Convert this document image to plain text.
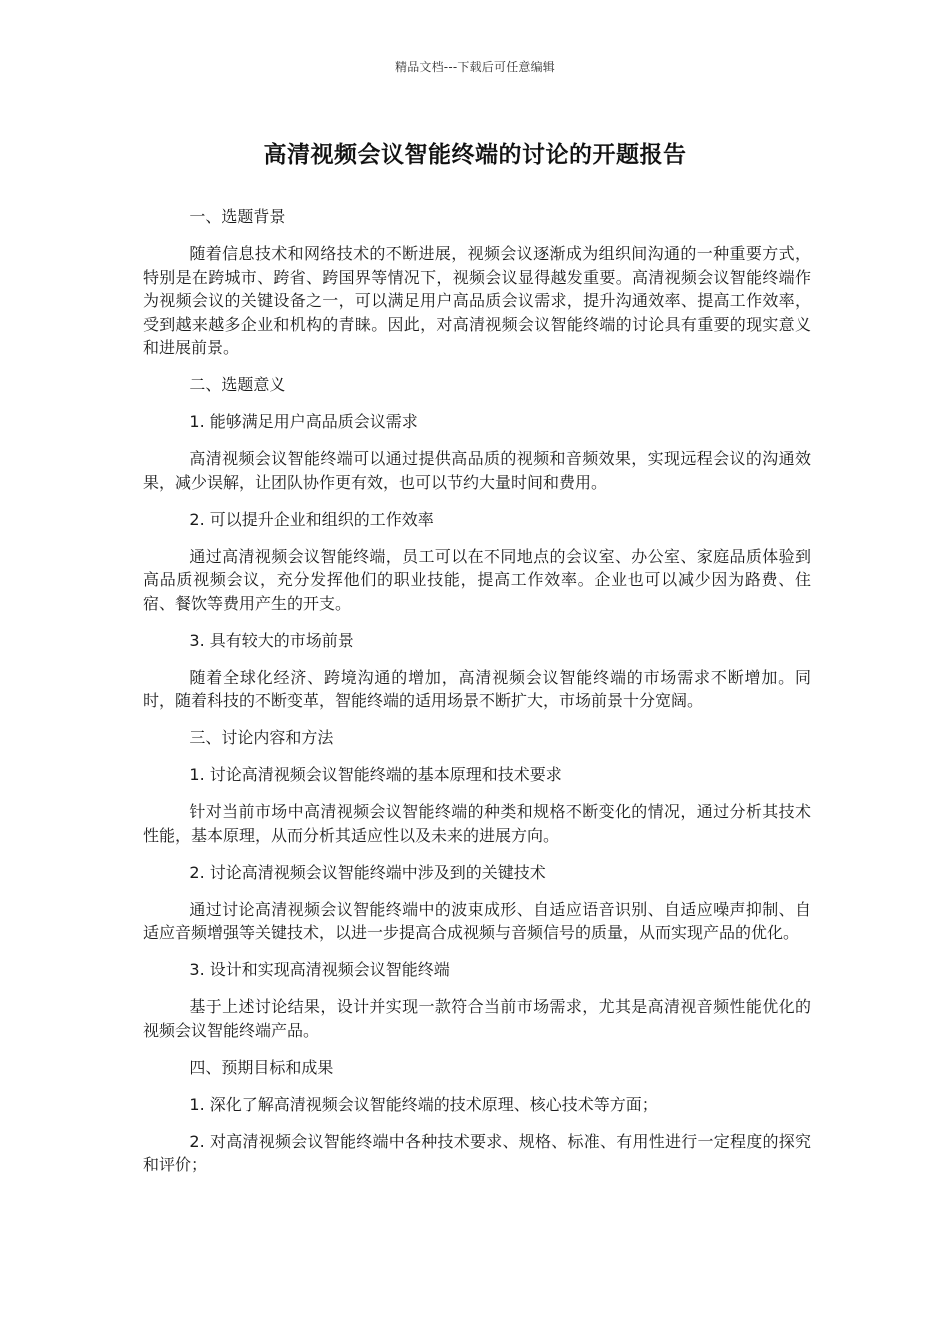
精品文档---下载后可任意编辑
高清视频会议智能终端的讨论的开题报告

一、选题背景

随着信息技术和网络技术的不断进展，视频会议逐渐成为组织间沟通的一种重要方式，特别是在跨城市、跨省、跨国界等情况下，视频会议显得越发重要。高清视频会议智能终端作为视频会议的关键设备之一，可以满足用户高品质会议需求，提升沟通效率、提高工作效率，受到越来越多企业和机构的青睐。因此，对高清视频会议智能终端的讨论具有重要的现实意义和进展前景。

二、选题意义

1. 能够满足用户高品质会议需求

高清视频会议智能终端可以通过提供高品质的视频和音频效果，实现远程会议的沟通效果，减少误解，让团队协作更有效，也可以节约大量时间和费用。

2. 可以提升企业和组织的工作效率

通过高清视频会议智能终端，员工可以在不同地点的会议室、办公室、家庭品质体验到高品质视频会议，充分发挥他们的职业技能，提高工作效率。企业也可以减少因为路费、住宿、餐饮等费用产生的开支。

3. 具有较大的市场前景

随着全球化经济、跨境沟通的增加，高清视频会议智能终端的市场需求不断增加。同时，随着科技的不断变革，智能终端的适用场景不断扩大，市场前景十分宽阔。

三、讨论内容和方法

1. 讨论高清视频会议智能终端的基本原理和技术要求

针对当前市场中高清视频会议智能终端的种类和规格不断变化的情况，通过分析其技术性能，基本原理，从而分析其适应性以及未来的进展方向。

2. 讨论高清视频会议智能终端中涉及到的关键技术

通过讨论高清视频会议智能终端中的波束成形、自适应语音识别、自适应噪声抑制、自适应音频增强等关键技术，以进一步提高合成视频与音频信号的质量，从而实现产品的优化。

3. 设计和实现高清视频会议智能终端

基于上述讨论结果，设计并实现一款符合当前市场需求，尤其是高清视音频性能优化的视频会议智能终端产品。

四、预期目标和成果

1. 深化了解高清视频会议智能终端的技术原理、核心技术等方面；

2. 对高清视频会议智能终端中各种技术要求、规格、标准、有用性进行一定程度的探究和评价；
